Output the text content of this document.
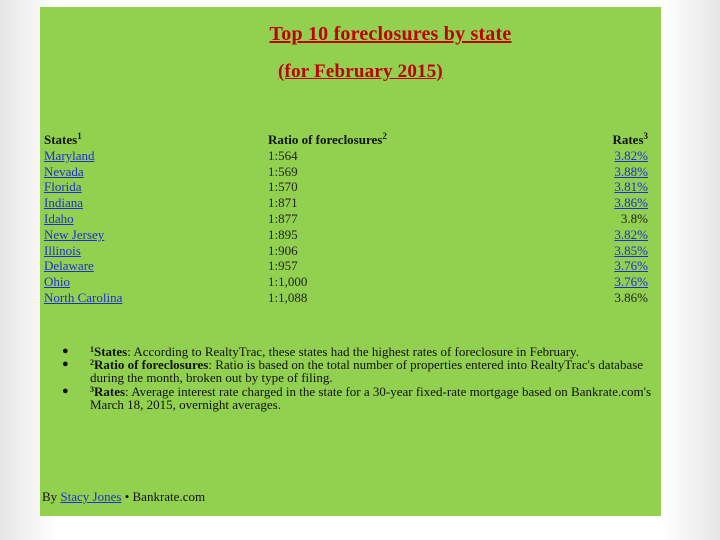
Top 10 foreclosures by state
(for February 2015)
States$^1$	Ratio of foreclosures$^2$	Rates$^3$
Maryland	1:564	3.82%
Nevada	1:569	3.88%
Florida	1:570	3.81%
Indiana	1:871	3.86%
Idaho	1:877	3.8%
New Jersey	1:895	3.82%
Illinois	1:906	3.85%
Delaware	1:957	3.76%
Ohio	1:1,000	3.76%
North Carolina	1:1,088	3.86%
●	$^1$States: According to RealtyTrac, these states had the highest rates of foreclosure in February.
●	$^2$Ratio of foreclosures: Ratio is based on the total number of properties entered into RealtyTrac's database during the month, broken out by type of filing.
●	$^3$Rates: Average interest rate charged in the state for a 30-year fixed-rate mortgage based on Bankrate.com's March 18, 2015, overnight averages.
By Stacy Jones • Bankrate.com
